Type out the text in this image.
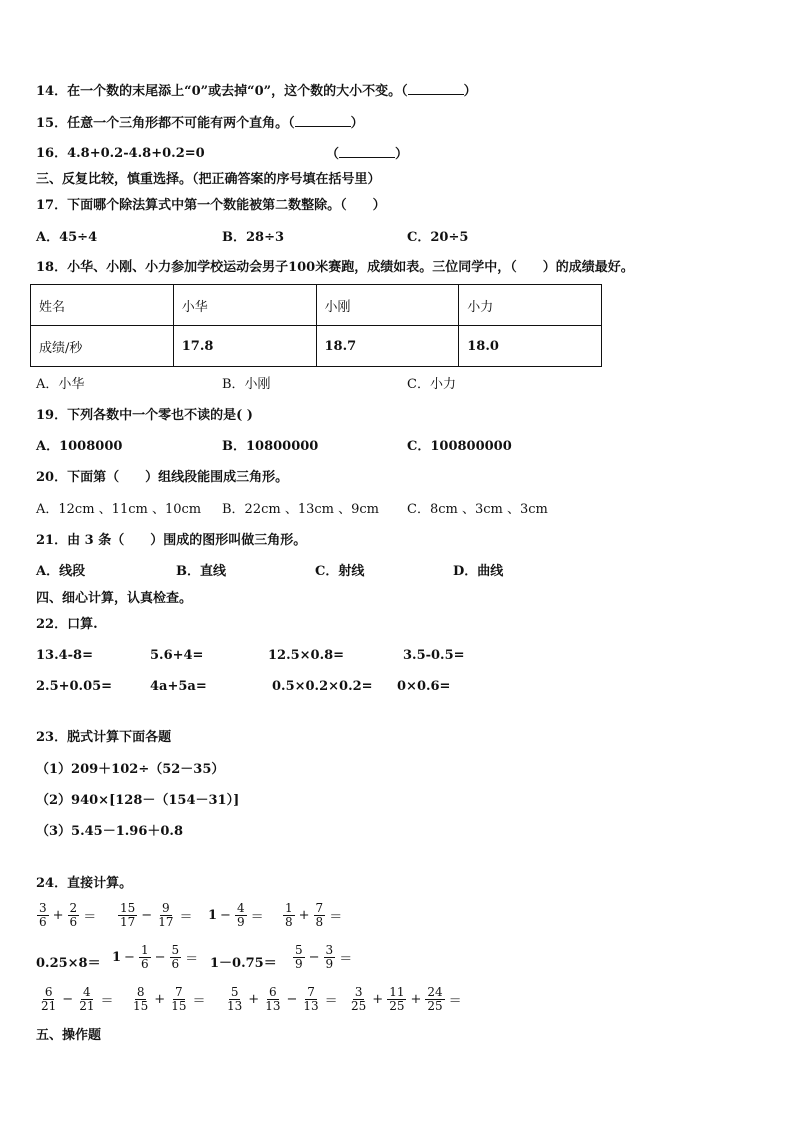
14．在一个数的末尾添上“0”或去掉“0”，这个数的大小不变。（	）
15．任意一个三角形都不可能有两个直角。（	）
16．4.8+0.2-4.8+0.2=0	（	）
三、反复比较，慎重选择。（把正确答案的序号填在括号里）
17．下面哪个除法算式中第一个数能被第二数整除。（　　）
A．45÷4	B．28÷3	C．20÷5
18．小华、小刚、小力参加学校运动会男子100米赛跑，成绩如表。三位同学中，（　　）的成绩最好。
姓名	小华	小刚	小力
成绩/秒	17.8	18.7	18.0
A．小华	B．小刚	C．小力
19．下列各数中一个零也不读的是( )
A．1008000	B．10800000	C．100800000
20．下面第（　　）组线段能围成三角形。
A．12cm 、11cm 、10cm B．22cm 、13cm 、9cm C．8cm 、3cm 、3cm
21．由 3 条（　　）围成的图形叫做三角形。
A．线段	B．直线	C．射线	D．曲线
四、细心计算，认真检查。
22．口算.
13.4-8=	5.6+4=	12.5×0.8=	3.5-0.5=
2.5+0.05=	4a+5a=	0.5×0.2×0.2= 0×0.6=
23．脱式计算下面各题
（1）209＋102÷（52－35）
（2）940×[128－（154－31）]
（3）5.45－1.96＋0.8
24．直接计算。
$\frac{3}{6} + \frac{2}{6} = \frac{15}{17} - \frac{9}{17} = 1 - \frac{4}{9} = \frac{1}{8} + \frac{7}{8}$ ＝
$0.25\times 8= 1 - \frac{1}{6} - \frac{5}{6} = 1-0.75= \frac{5}{9} - \frac{3}{9}$ ＝
$\frac{6}{21} - \frac{4}{21} = \frac{8}{15} + \frac{7}{15} = \frac{5}{13} + \frac{6}{13} - \frac{7}{13} = \frac{3}{25} + \frac{11}{25} + \frac{24}{25}$ ＝
五、操作题
